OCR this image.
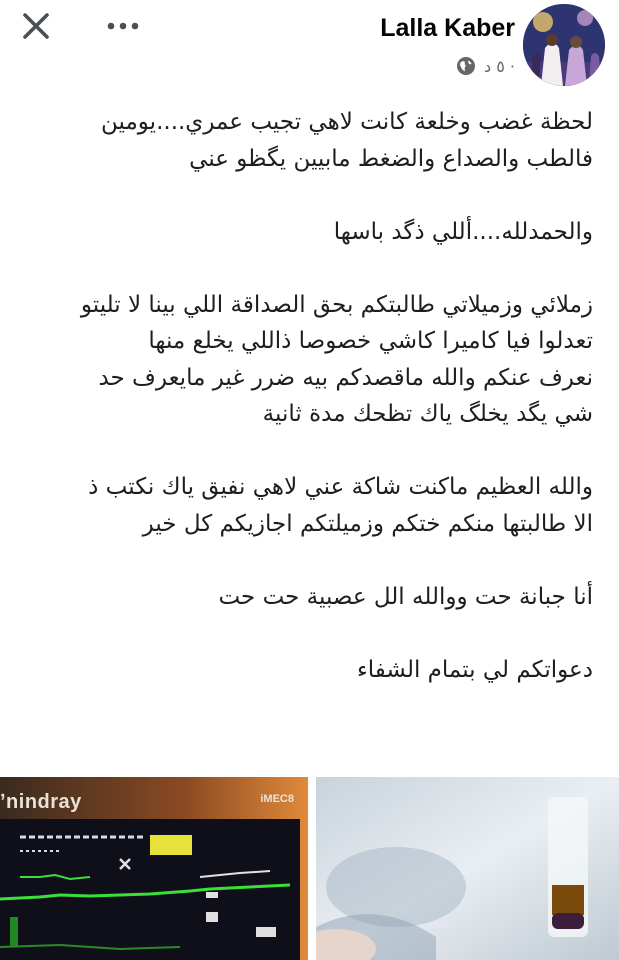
Lalla Kaber
٥ د ·

لحظة غضب وخلعة كانت لاهي تجيب عمري....يومين
فالطب والصداع والضغط مابيين يگظو عني

والحمدلله....أللي ذگد باسها

زملائي وزميلاتي طالبتكم بحق الصداقة اللي بينا لا تليتو
تعدلوا فيا كاميرا كاشي خصوصا ذاللي يخلع منها
نعرف عنكم والله ماقصدكم بيه ضرر غير مايعرف حد
شي يگد يخلگ ياك تظحك مدة ثانية

والله العظيم ماكنت شاكة عني لاهي نفيق ياك نكتب ذ
الا طالبتها منكم ختكم وزميلتكم اجازيكم كل خير

أنا جبانة حت ووالله الل عصبية حت حت

دعواتكم لي بتمام الشفاء

ʼnindray	iMEC8
